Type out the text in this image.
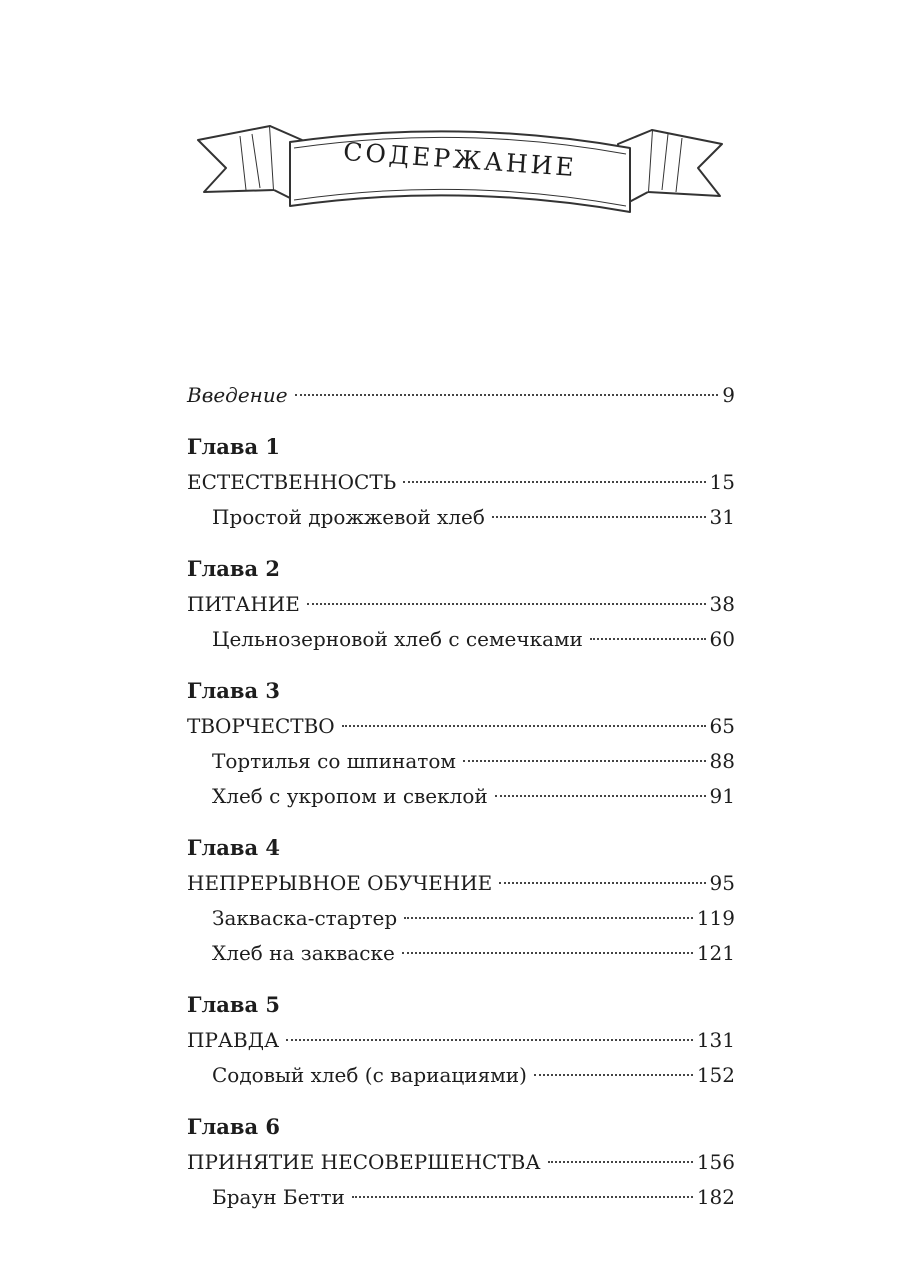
СОДЕРЖАНИЕ
Введение	9
Глава 1
ЕСТЕСТВЕННОСТЬ	15
Простой дрожжевой хлеб	31
Глава 2
ПИТАНИЕ	38
Цельнозерновой хлеб с семечками	60
Глава 3
ТВОРЧЕСТВО	65
Тортилья со шпинатом	88
Хлеб с укропом и свеклой	91
Глава 4
НЕПРЕРЫВНОЕ ОБУЧЕНИЕ	95
Закваска-стартер	119
Хлеб на закваске	121
Глава 5
ПРАВДА	131
Содовый хлеб (с вариациями)	152
Глава 6
ПРИНЯТИЕ НЕСОВЕРШЕНСТВА	156
Браун Бетти	182
